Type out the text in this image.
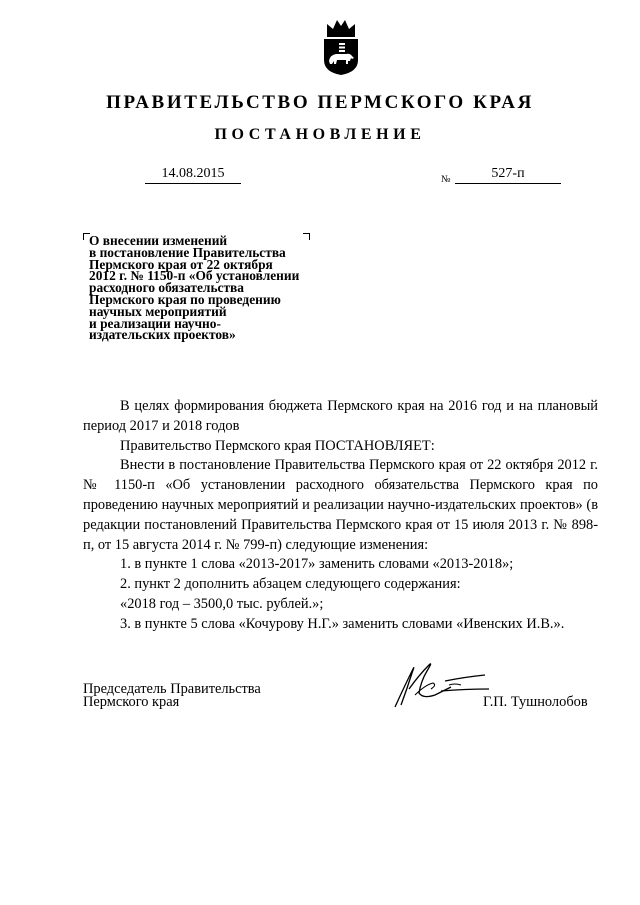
ПРАВИТЕЛЬСТВО ПЕРМСКОГО КРАЯ
ПОСТАНОВЛЕНИЕ
14.08.2015	№	527-п
О внесении изменений
в постановление Правительства
Пермского края от 22 октября
2012 г. № 1150-п «Об установлении
расходного обязательства
Пермского края по проведению
научных мероприятий
и реализации научно-
издательских проектов»

В целях формирования бюджета Пермского края на 2016 год и на плановый период 2017 и 2018 годов

Правительство Пермского края ПОСТАНОВЛЯЕТ:

Внести в постановление Правительства Пермского края от 22 октября 2012 г. № 1150-п «Об установлении расходного обязательства Пермского края по проведению научных мероприятий и реализации научно-издательских проектов» (в редакции постановлений Правительства Пермского края от 15 июля 2013 г. № 898-п, от 15 августа 2014 г. № 799-п) следующие изменения:

1. в пункте 1 слова «2013-2017» заменить словами «2013-2018»;

2. пункт 2 дополнить абзацем следующего содержания:

«2018 год – 3500,0 тыс. рублей.»;

3. в пункте 5 слова «Кочурову Н.Г.» заменить словами «Ивенских И.В.».

Председатель Правительства
Пермского края	Г.П. Тушнолобов
